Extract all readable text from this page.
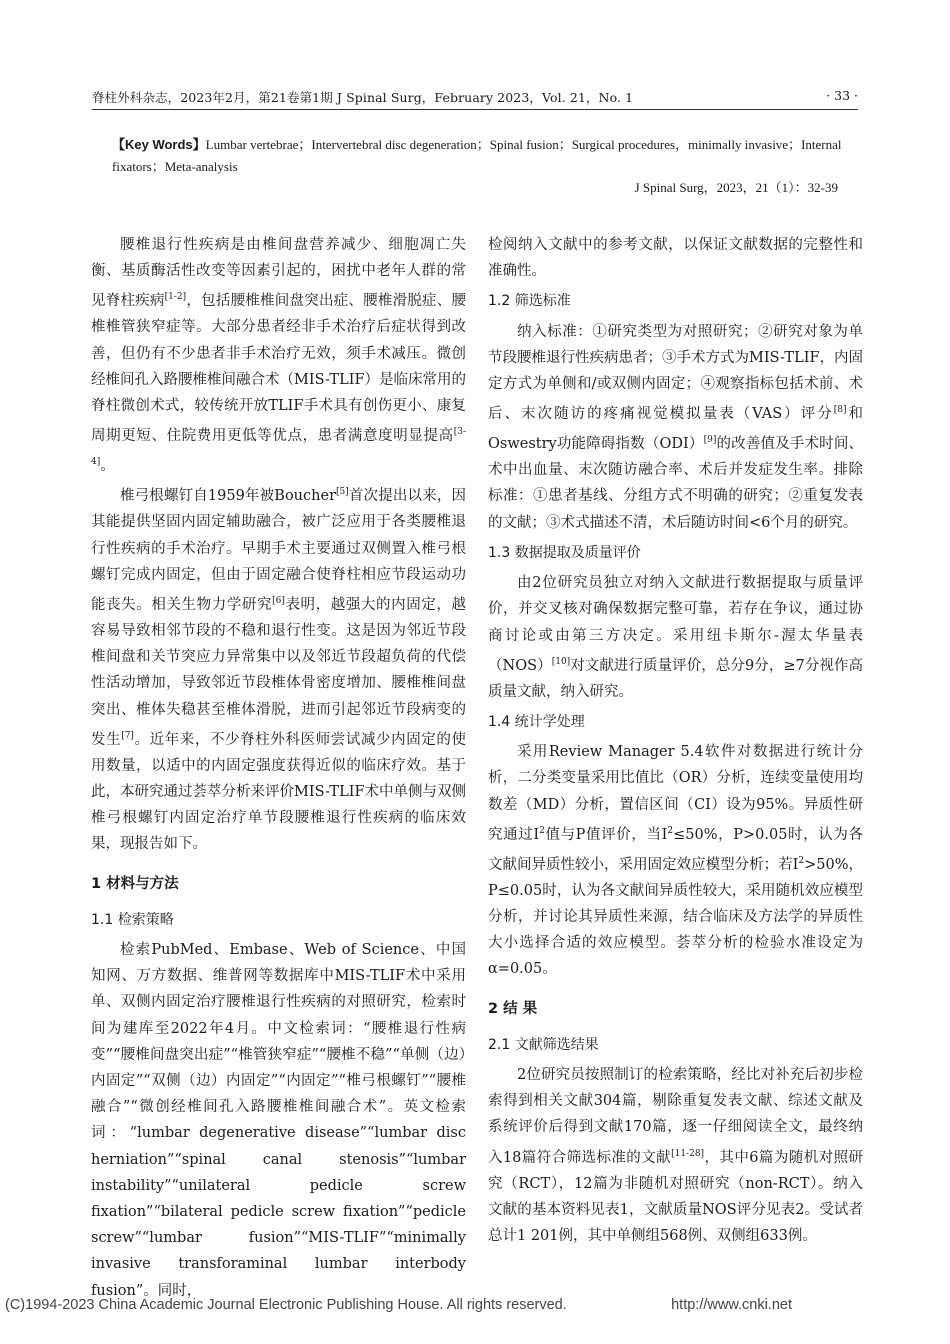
脊柱外科杂志，2023年2月，第21卷第1期 J Spinal Surg，February 2023，Vol. 21，No. 1	· 33 ·
【Key Words】Lumbar vertebrae；Intervertebral disc degeneration；Spinal fusion；Surgical procedures，minimally invasive；Internal fixators；Meta-analysis
J Spinal Surg，2023，21（1）：32-39

腰椎退行性疾病是由椎间盘营养减少、细胞凋亡失衡、基质酶活性改变等因素引起的，困扰中老年人群的常见脊柱疾病[1-2]，包括腰椎椎间盘突出症、腰椎滑脱症、腰椎椎管狭窄症等。大部分患者经非手术治疗后症状得到改善，但仍有不少患者非手术治疗无效，须手术减压。微创经椎间孔入路腰椎椎间融合术（MIS-TLIF）是临床常用的脊柱微创术式，较传统开放TLIF手术具有创伤更小、康复周期更短、住院费用更低等优点，患者满意度明显提高[3-4]。

椎弓根螺钉自1959年被Boucher[5]首次提出以来，因其能提供坚固内固定辅助融合，被广泛应用于各类腰椎退行性疾病的手术治疗。早期手术主要通过双侧置入椎弓根螺钉完成内固定，但由于固定融合使脊柱相应节段运动功能丧失。相关生物力学研究[6]表明，越强大的内固定，越容易导致相邻节段的不稳和退行性变。这是因为邻近节段椎间盘和关节突应力异常集中以及邻近节段超负荷的代偿性活动增加，导致邻近节段椎体骨密度增加、腰椎椎间盘突出、椎体失稳甚至椎体滑脱，进而引起邻近节段病变的发生[7]。近年来，不少脊柱外科医师尝试减少内固定的使用数量，以适中的内固定强度获得近似的临床疗效。基于此，本研究通过荟萃分析来评价MIS-TLIF术中单侧与双侧椎弓根螺钉内固定治疗单节段腰椎退行性疾病的临床效果，现报告如下。

1 材料与方法
1.1 检索策略

检索PubMed、Embase、Web of Science、中国知网、万方数据、维普网等数据库中MIS-TLIF术中采用单、双侧内固定治疗腰椎退行性疾病的对照研究，检索时间为建库至2022年4月。中文检索词：“腰椎退行性病变”“腰椎间盘突出症”“椎管狭窄症”“腰椎不稳”“单侧（边）内固定”“双侧（边）内固定”“内固定”“椎弓根螺钉”“腰椎融合”“微创经椎间孔入路腰椎椎间融合术”。英文检索词：“lumbar degenerative disease”“lumbar disc herniation”“spinal canal stenosis”“lumbar instability”“unilateral pedicle screw fixation”“bilateral pedicle screw fixation”“pedicle screw”“lumbar fusion”“MIS-TLIF”“minimally invasive transforaminal lumbar interbody fusion”。同时，

检阅纳入文献中的参考文献，以保证文献数据的完整性和准确性。

1.2 筛选标准

纳入标准：①研究类型为对照研究；②研究对象为单节段腰椎退行性疾病患者；③手术方式为MIS-TLIF，内固定方式为单侧和/或双侧内固定；④观察指标包括术前、术后、末次随访的疼痛视觉模拟量表（VAS）评分[8]和Oswestry功能障碍指数（ODI）[9]的改善值及手术时间、术中出血量、末次随访融合率、术后并发症发生率。排除标准：①患者基线、分组方式不明确的研究；②重复发表的文献；③术式描述不清，术后随访时间<6个月的研究。

1.3 数据提取及质量评价

由2位研究员独立对纳入文献进行数据提取与质量评价，并交叉核对确保数据完整可靠，若存在争议，通过协商讨论或由第三方决定。采用纽卡斯尔-渥太华量表（NOS）[10]对文献进行质量评价，总分9分，≥7分视作高质量文献，纳入研究。

1.4 统计学处理

采用Review Manager 5.4软件对数据进行统计分析，二分类变量采用比值比（OR）分析，连续变量使用均数差（MD）分析，置信区间（CI）设为95%。异质性研究通过$I^2$值与P值评价，当$I^2\le 50\%$，P>0.05时，认为各文献间异质性较小，采用固定效应模型分析；若$I^2>50\%$，P≤0.05时，认为各文献间异质性较大，采用随机效应模型分析，并讨论其异质性来源，结合临床及方法学的异质性大小选择合适的效应模型。荟萃分析的检验水准设定为α=0.05。

2 结 果
2.1 文献筛选结果

2位研究员按照制订的检索策略，经比对补充后初步检索得到相关文献304篇，剔除重复发表文献、综述文献及系统评价后得到文献170篇，逐一仔细阅读全文，最终纳入18篇符合筛选标准的文献[11-28]，其中6篇为随机对照研究（RCT），12篇为非随机对照研究（non-RCT）。纳入文献的基本资料见表1，文献质量NOS评分见表2。受试者总计1 201例，其中单侧组568例、双侧组633例。

(C)1994-2023 China Academic Journal Electronic Publishing House. All rights reserved.	http://www.cnki.net
